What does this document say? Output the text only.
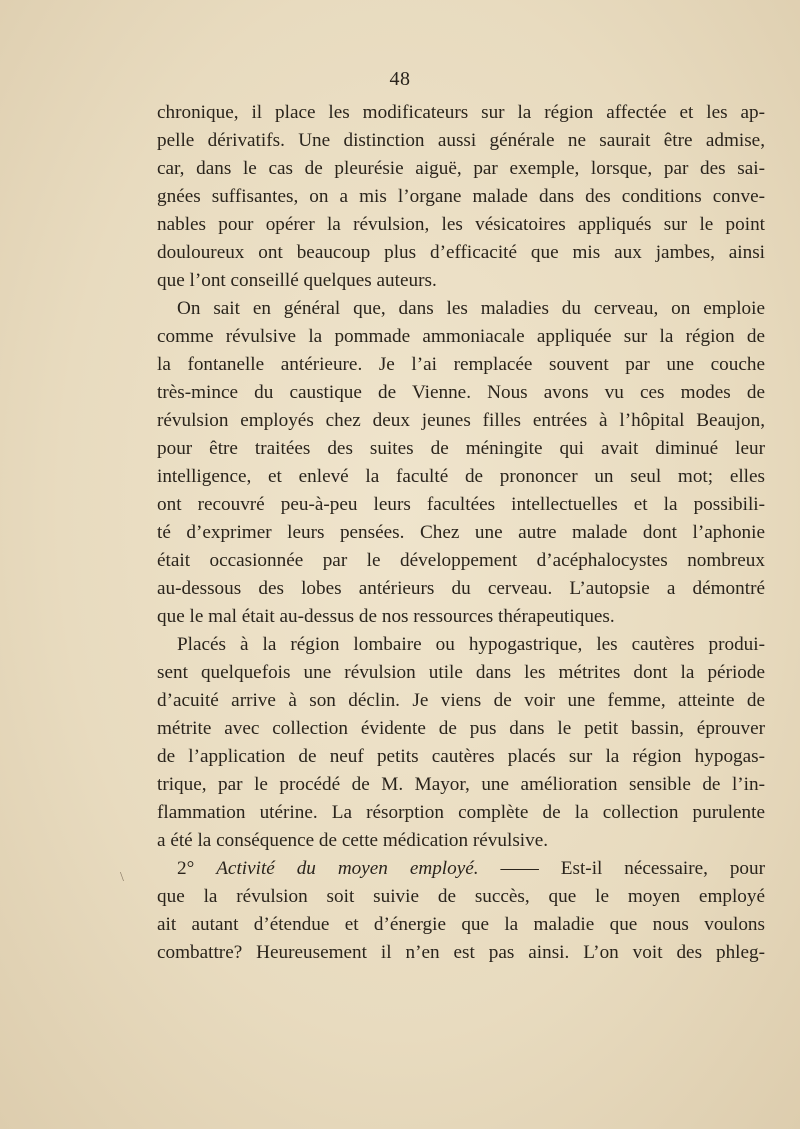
48
chronique, il place les modificateurs sur la région affectée et les ap-
pelle dérivatifs. Une distinction aussi générale ne saurait être admise,
car, dans le cas de pleurésie aiguë, par exemple, lorsque, par des sai-
gnées suffisantes, on a mis l’organe malade dans des conditions conve-
nables pour opérer la révulsion, les vésicatoires appliqués sur le point
douloureux ont beaucoup plus d’efficacité que mis aux jambes, ainsi
que l’ont conseillé quelques auteurs.
On sait en général que, dans les maladies du cerveau, on emploie
comme révulsive la pommade ammoniacale appliquée sur la région de
la fontanelle antérieure. Je l’ai remplacée souvent par une couche
très-mince du caustique de Vienne. Nous avons vu ces modes de
révulsion employés chez deux jeunes filles entrées à l’hôpital Beaujon,
pour être traitées des suites de méningite qui avait diminué leur
intelligence, et enlevé la faculté de prononcer un seul mot; elles
ont recouvré peu-à-peu leurs facultées intellectuelles et la possibili-
té d’exprimer leurs pensées. Chez une autre malade dont l’aphonie
était occasionnée par le développement d’acéphalocystes nombreux
au-dessous des lobes antérieurs du cerveau. L’autopsie a démontré
que le mal était au-dessus de nos ressources thérapeutiques.
Placés à la région lombaire ou hypogastrique, les cautères produi-
sent quelquefois une révulsion utile dans les métrites dont la période
d’acuité arrive à son déclin. Je viens de voir une femme, atteinte de
métrite avec collection évidente de pus dans le petit bassin, éprouver
de l’application de neuf petits cautères placés sur la région hypogas-
trique, par le procédé de M. Mayor, une amélioration sensible de l’in-
flammation utérine. La résorption complète de la collection purulente
a été la conséquence de cette médication révulsive.
2° Activité du moyen employé. —— Est-il nécessaire, pour
que la révulsion soit suivie de succès, que le moyen employé
ait autant d’étendue et d’énergie que la maladie que nous voulons
combattre? Heureusement il n’en est pas ainsi. L’on voit des phleg-
\
